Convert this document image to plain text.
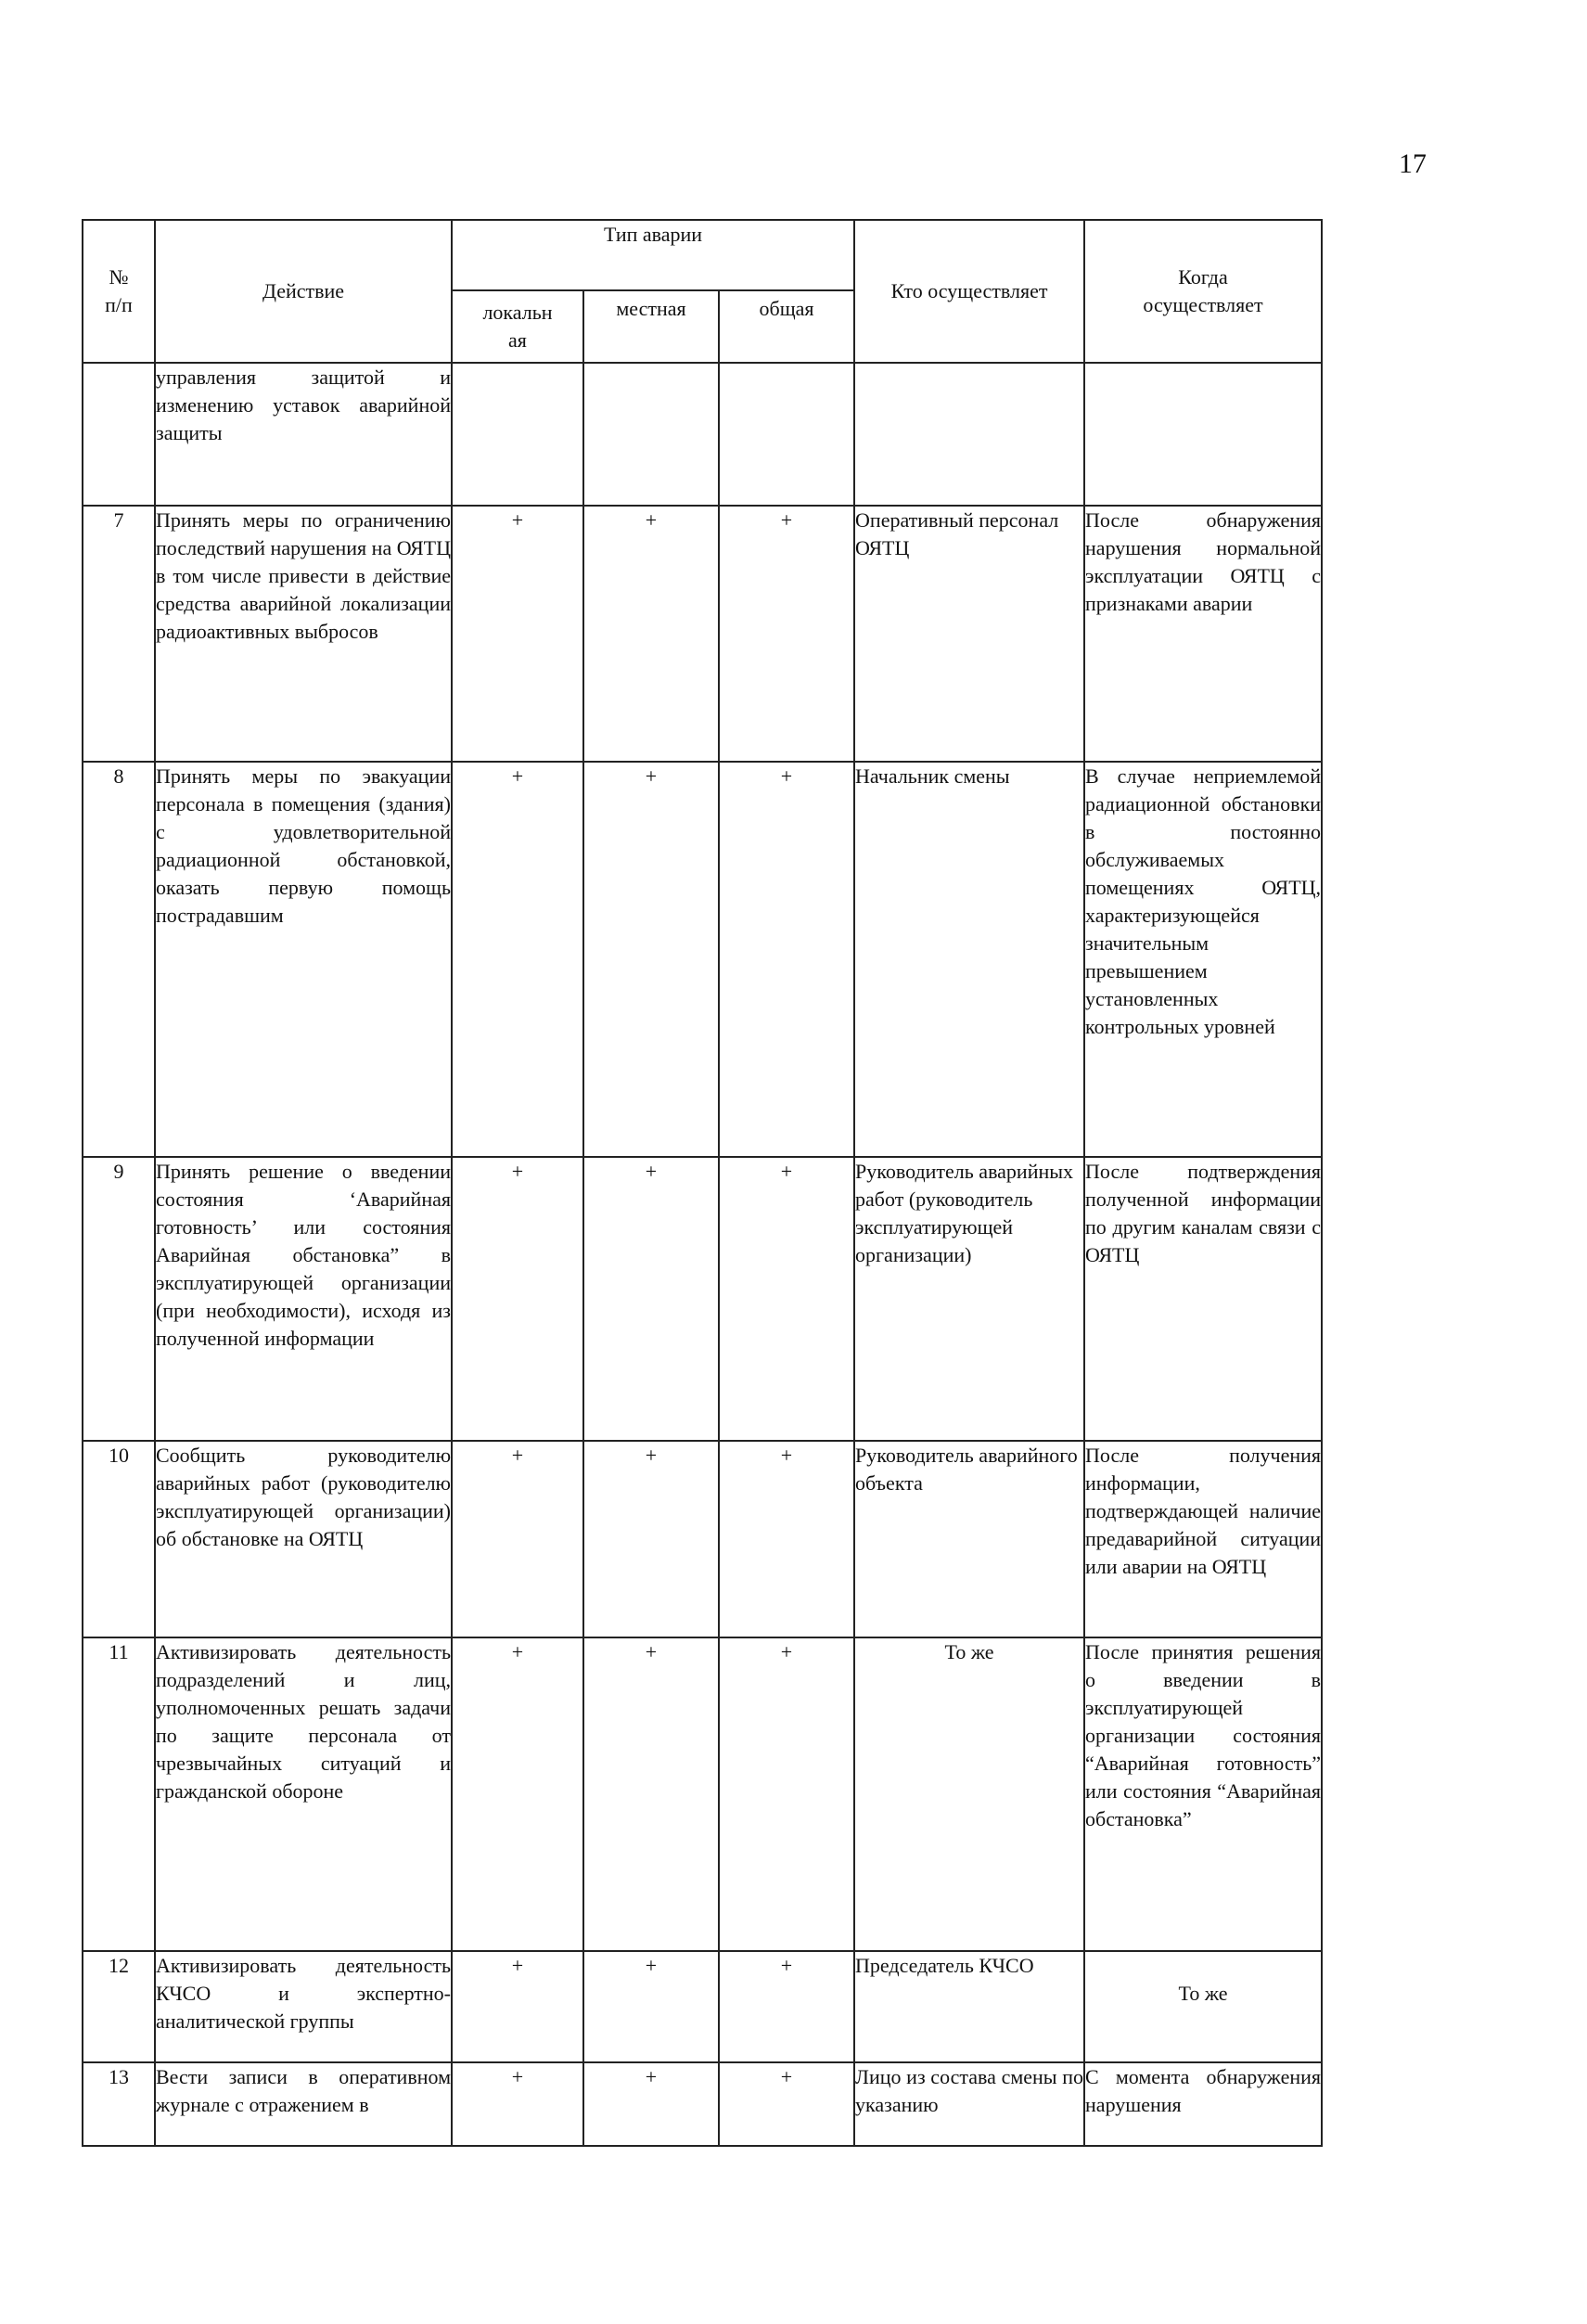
17
№ п/п	Действие	Тип аварии			Кто осуществляет	Когда осуществляет
		локальная	местная	общая		
	управления защитой и изменению уставок аварийной защиты					
7	Принять меры по ограничению последствий нарушения на ОЯТЦ в том числе привести в действие средства аварийной локализации радиоактивных выбросов	+	+	+	Оперативный персонал ОЯТЦ	После обнаружения нарушения нормальной эксплуатации ОЯТЦ с признаками аварии
8	Принять меры по эвакуации персонала в помещения (здания) с удовлетворительной радиационной обстановкой, оказать первую помощь пострадавшим	+	+	+	Начальник смены	В случае неприемлемой радиационной обстановки в постоянно обслуживаемых помещениях ОЯТЦ, характеризующейся значительным превышением установленных контрольных уровней
9	Принять решение о введении состояния ‘Аварийная готовность’ или состояния Аварийная обстановка” в эксплуатирующей организации (при необходимости), исходя из полученной информации	+	+	+	Руководитель аварийных работ (руководитель эксплуатирующей организации)	После подтверждения полученной информации по другим каналам связи с ОЯТЦ
10	Сообщить руководителю аварийных работ (руководителю эксплуатирующей организации) об обстановке на ОЯТЦ	+	+	+	Руководитель аварийного объекта	После получения информации, подтверждающей наличие предаварийной ситуации или аварии на ОЯТЦ
11	Активизировать деятельность подразделений и лиц, уполномоченных решать задачи по защите персонала от чрезвычайных ситуаций и гражданской обороне	+	+	+	То же	После принятия решения о введении в эксплуатирующей организации состояния “Аварийная готовность” или состояния “Аварийная обстановка”
12	Активизировать деятельность КЧСО и экспертно-аналитической группы	+	+	+	Председатель КЧСО	То же
13	Вести записи в оперативном журнале с отражением в	+	+	+	Лицо из состава смены по указанию	С момента обнаружения нарушения
